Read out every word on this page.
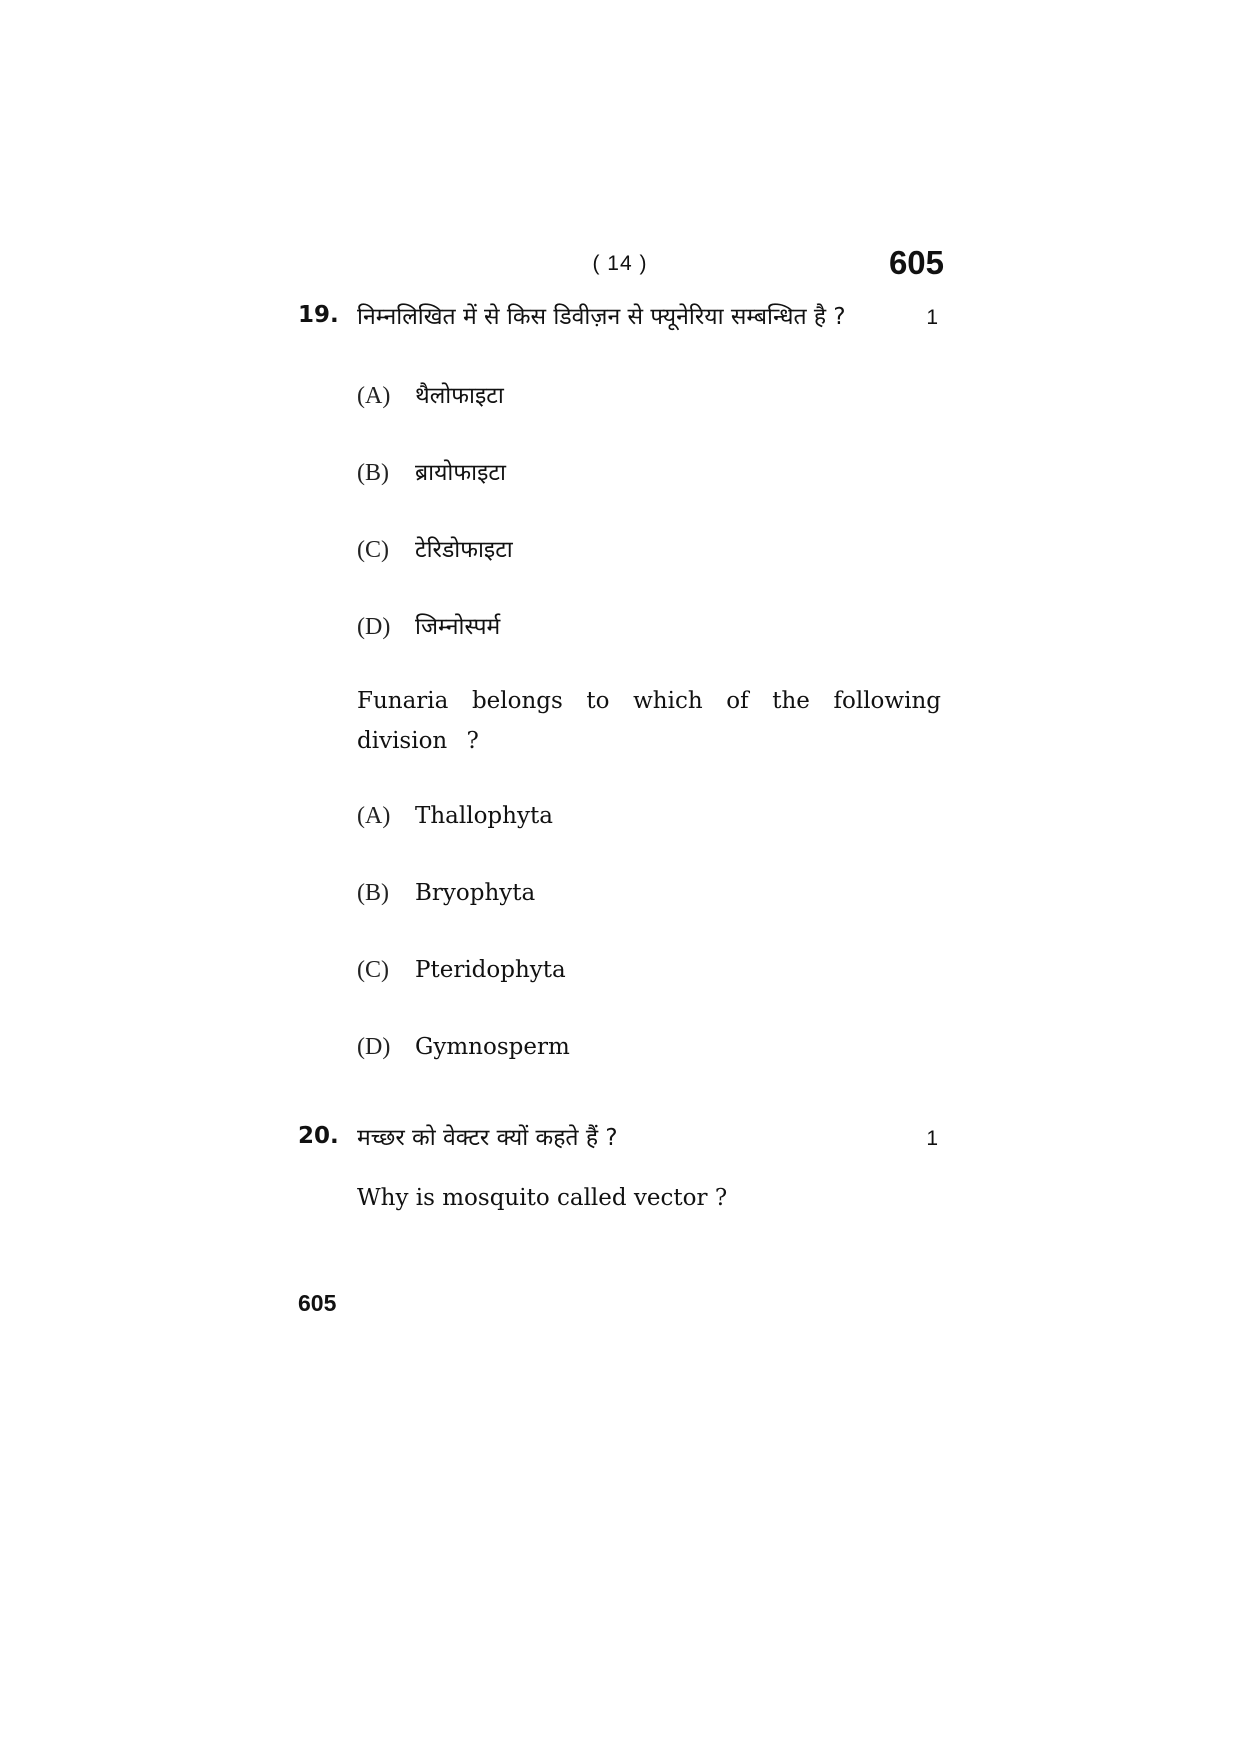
( 14 )	605
19. निम्नलिखित में से किस डिवीज़न से फ्यूनेरिया सम्बन्धित है ?	1
(A)	थैलोफाइटा
(B)	ब्रायोफाइटा
(C)	टेरिडोफाइटा
(D)	जिम्नोस्पर्म
Funaria belongs to which of the following division ?
(A)	Thallophyta
(B)	Bryophyta
(C)	Pteridophyta
(D)	Gymnosperm
20. मच्छर को वेक्टर क्यों कहते हैं ?	1
Why is mosquito called vector ?
605
